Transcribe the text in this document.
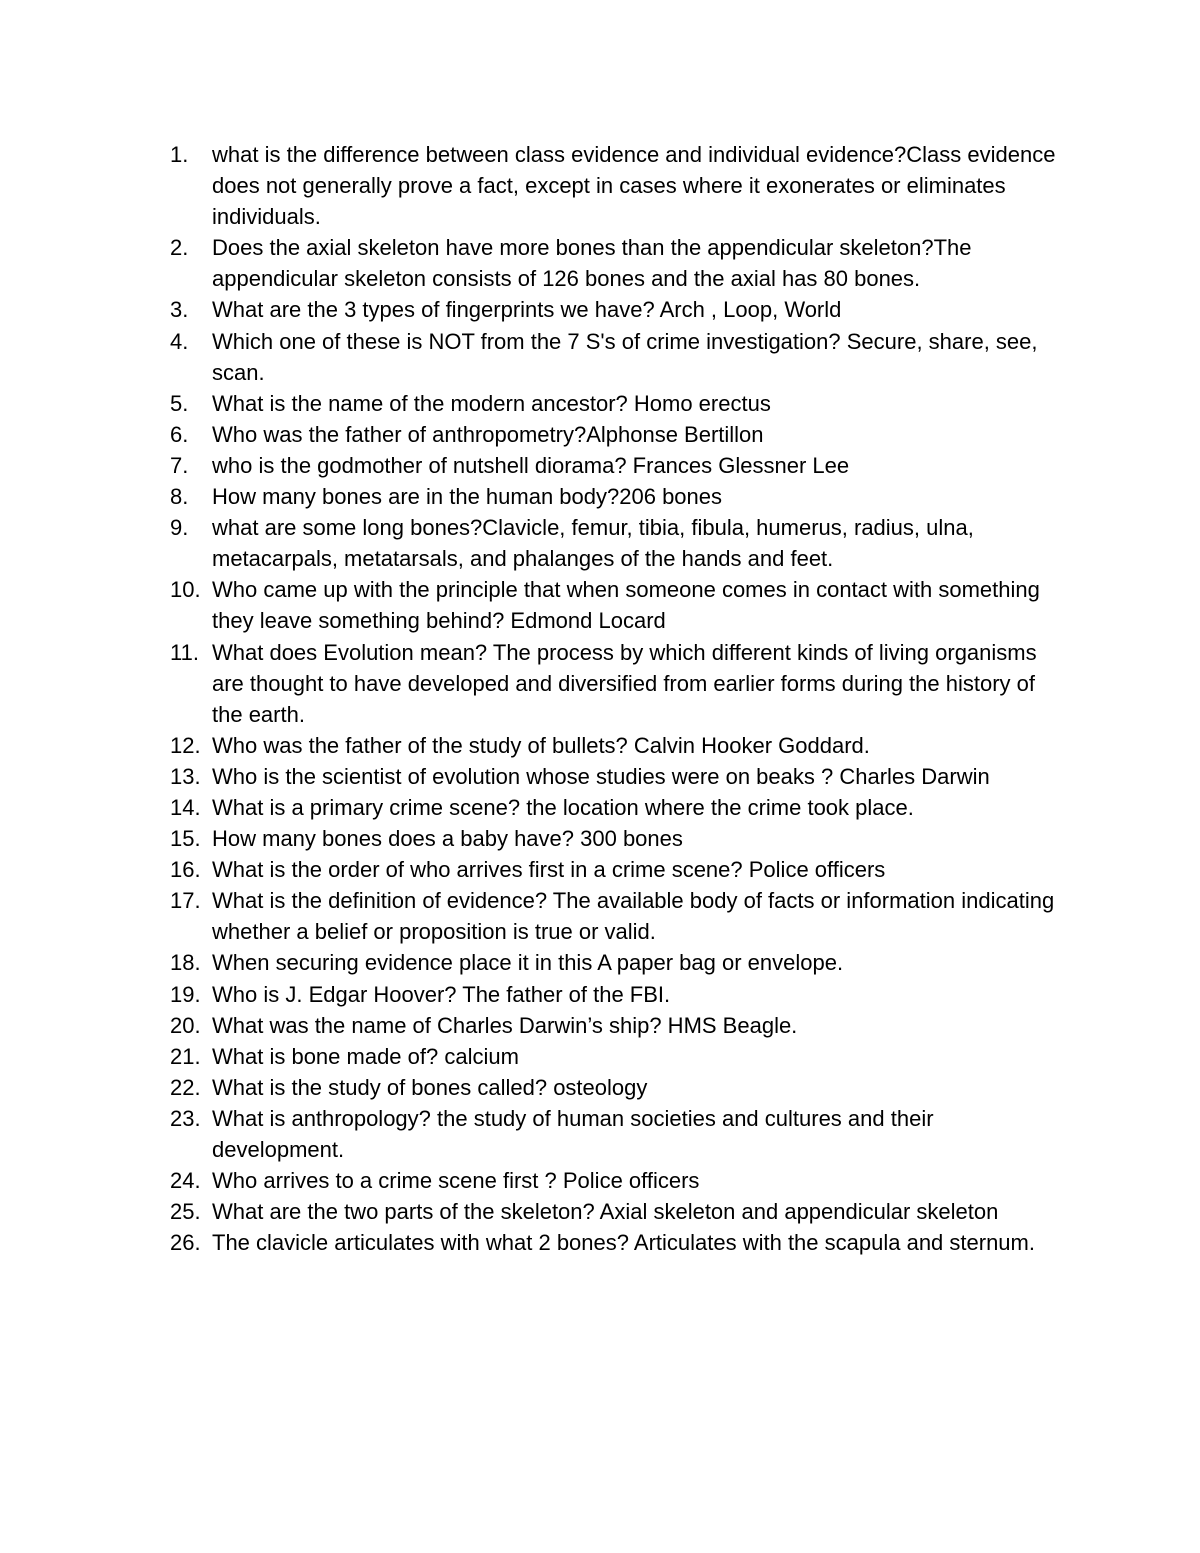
1.	what is the difference between class evidence and individual evidence?Class evidence does not generally prove a fact, except in cases where it exonerates or eliminates individuals.
2.	Does the axial skeleton have more bones than the appendicular skeleton?The appendicular skeleton consists of 126 bones and the axial has 80 bones.
3.	What are the 3 types of fingerprints we have? Arch , Loop, World
4.	Which one of these is NOT from the 7 S's of crime investigation? Secure, share, see, scan.
5.	What is the name of the modern ancestor? Homo erectus
6.	Who was the father of anthropometry?Alphonse Bertillon
7.	who is the godmother of nutshell diorama? Frances Glessner Lee
8.	How many bones are in the human body?206 bones
9.	what are some long bones?Clavicle, femur, tibia, fibula, humerus, radius, ulna, metacarpals, metatarsals, and phalanges of the hands and feet.
10. Who came up with the principle that when someone comes in contact with something they leave something behind? Edmond Locard
11. What does Evolution mean? The process by which different kinds of living organisms are thought to have developed and diversified from earlier forms during the history of the earth.
12. Who was the father of the study of bullets? Calvin Hooker Goddard.
13. Who is the scientist of evolution whose studies were on beaks ? Charles Darwin
14. What is a primary crime scene? the location where the crime took place.
15. How many bones does a baby have? 300 bones
16. What is the order of who arrives first in a crime scene? Police officers
17. What is the definition of evidence? The available body of facts or information indicating whether a belief or proposition is true or valid.
18. When securing evidence place it in this A paper bag or envelope.
19. Who is J. Edgar Hoover? The father of the FBI.
20. What was the name of Charles Darwin’s ship? HMS Beagle.
21. What is bone made of? calcium
22. What is the study of bones called? osteology
23. What is anthropology? the study of human societies and cultures and their development.
24. Who arrives to a crime scene first ? Police officers
25. What are the two parts of the skeleton? Axial skeleton and appendicular skeleton
26. The clavicle articulates with what 2 bones? Articulates with the scapula and sternum.
